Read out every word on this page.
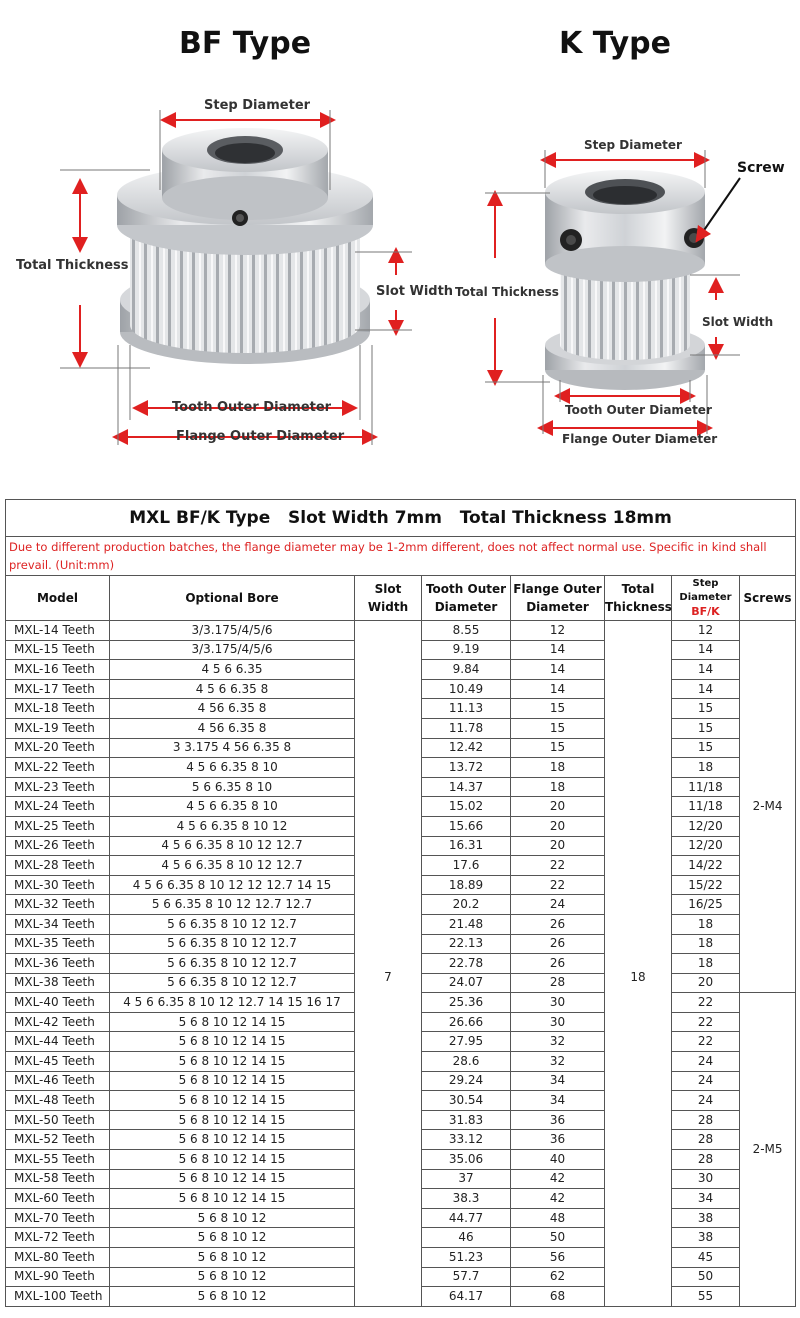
BF Type	K Type
Step Diameter
Total Thickness
Slot Width
Tooth Outer Diameter
Flange Outer Diameter
Step Diameter
Screw
Total Thickness
Slot Width
Tooth Outer Diameter
Flange Outer Diameter
MXL BF/K Type   Slot Width 7mm   Total Thickness 18mm							
Due to different production batches, the flange diameter may be 1-2mm different, does not affect normal use. Specific in kind shall prevail. (Unit:mm)							
Model	Optional Bore	Slot Width	Tooth Outer Diameter	Flange Outer Diameter	Total Thickness	Step Diameter
BF/K	Screws
MXL-14 Teeth	3/3.175/4/5/6	7	8.55	12	18	12	2-M4
MXL-15 Teeth	3/3.175/4/5/6		9.19	14		14	
MXL-16 Teeth	4 5 6 6.35		9.84	14		14	
MXL-17 Teeth	4 5 6 6.35 8		10.49	14		14	
MXL-18 Teeth	4 56 6.35 8		11.13	15		15	
MXL-19 Teeth	4 56 6.35 8		11.78	15		15	
MXL-20 Teeth	3 3.175 4 56 6.35 8		12.42	15		15	
MXL-22 Teeth	4 5 6 6.35 8 10		13.72	18		18	
MXL-23 Teeth	5 6 6.35 8 10		14.37	18		11/18	
MXL-24 Teeth	4 5 6 6.35 8 10		15.02	20		11/18	
MXL-25 Teeth	4 5 6 6.35 8 10 12		15.66	20		12/20	
MXL-26 Teeth	4 5 6 6.35 8 10 12 12.7		16.31	20		12/20	
MXL-28 Teeth	4 5 6 6.35 8 10 12 12.7		17.6	22		14/22	
MXL-30 Teeth	4 5 6 6.35 8 10 12 12 12.7 14 15		18.89	22		15/22	
MXL-32 Teeth	5 6 6.35 8 10 12 12.7 12.7		20.2	24		16/25	
MXL-34 Teeth	5 6 6.35 8 10 12 12.7		21.48	26		18	
MXL-35 Teeth	5 6 6.35 8 10 12 12.7		22.13	26		18	
MXL-36 Teeth	5 6 6.35 8 10 12 12.7		22.78	26		18	
MXL-38 Teeth	5 6 6.35 8 10 12 12.7		24.07	28		20	
MXL-40 Teeth	4 5 6 6.35 8 10 12 12.7 14 15 16 17		25.36	30		22	2-M5
MXL-42 Teeth	5 6 8 10 12 14 15		26.66	30		22	
MXL-44 Teeth	5 6 8 10 12 14 15		27.95	32		22	
MXL-45 Teeth	5 6 8 10 12 14 15		28.6	32		24	
MXL-46 Teeth	5 6 8 10 12 14 15		29.24	34		24	
MXL-48 Teeth	5 6 8 10 12 14 15		30.54	34		24	
MXL-50 Teeth	5 6 8 10 12 14 15		31.83	36		28	
MXL-52 Teeth	5 6 8 10 12 14 15		33.12	36		28	
MXL-55 Teeth	5 6 8 10 12 14 15		35.06	40		28	
MXL-58 Teeth	5 6 8 10 12 14 15		37	42		30	
MXL-60 Teeth	5 6 8 10 12 14 15		38.3	42		34	
MXL-70 Teeth	5 6 8 10 12		44.77	48		38	
MXL-72 Teeth	5 6 8 10 12		46	50		38	
MXL-80 Teeth	5 6 8 10 12		51.23	56		45	
MXL-90 Teeth	5 6 8 10 12		57.7	62		50	
MXL-100 Teeth	5 6 8 10 12		64.17	68		55	
